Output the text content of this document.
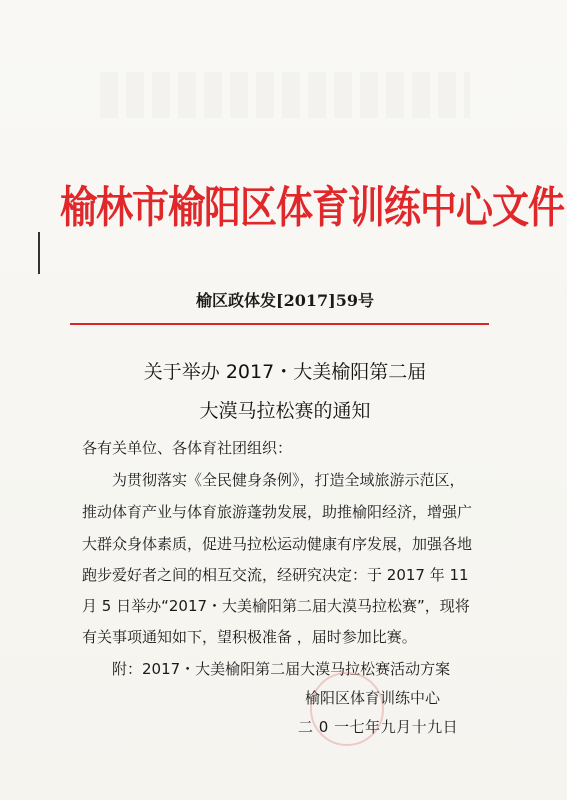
榆林市榆阳区体育训练中心文件
榆区政体发[2017]59号
关于举办 2017・大美榆阳第二届
大漠马拉松赛的通知
各有关单位、各体育社团组织：
为贯彻落实《全民健身条例》，打造全域旅游示范区，
推动体育产业与体育旅游蓬勃发展，助推榆阳经济，增强广
大群众身体素质，促进马拉松运动健康有序发展，加强各地
跑步爱好者之间的相互交流，经研究决定：于 2017 年 11
月 5 日举办“2017・大美榆阳第二届大漠马拉松赛”，现将
有关事项通知如下，望积极准备 ，届时参加比赛。
附：2017・大美榆阳第二届大漠马拉松赛活动方案
榆阳区体育训练中心
二 0 一七年九月十九日
